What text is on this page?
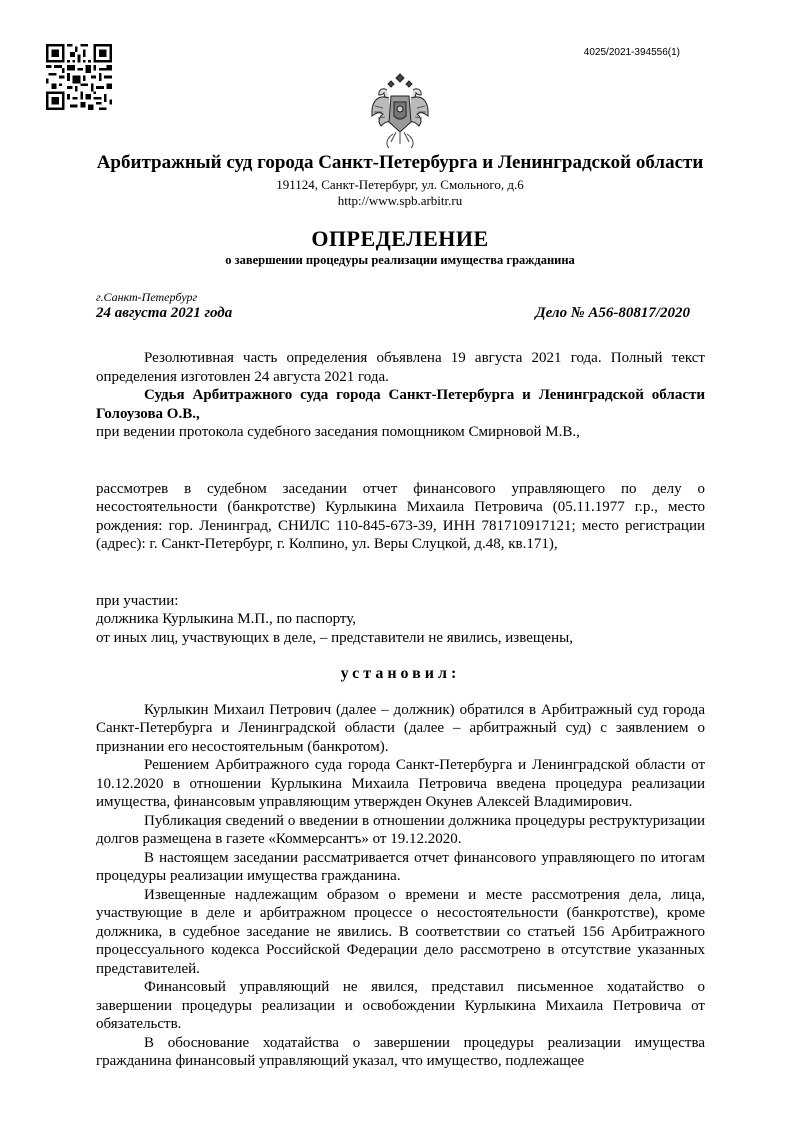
4025/2021-394556(1)
Арбитражный суд города Санкт-Петербурга и Ленинградской области
191124, Санкт-Петербург, ул. Смольного, д.6
http://www.spb.arbitr.ru
ОПРЕДЕЛЕНИЕ
о завершении процедуры реализации имущества гражданина
г.Санкт-Петербург
24 августа 2021 года	Дело № А56-80817/2020

Резолютивная часть определения объявлена 19 августа 2021 года. Полный текст определения изготовлен 24 августа 2021 года.

Судья Арбитражного суда города Санкт-Петербурга и Ленинградской области Голоузова О.В.,

при ведении протокола судебного заседания помощником Смирновой М.В.,

рассмотрев в судебном заседании отчет финансового управляющего по делу о несостоятельности (банкротстве) Курлыкина Михаила Петровича (05.11.1977 г.р., место рождения: гор. Ленинград, СНИЛС 110-845-673-39, ИНН 781710917121; место регистрации (адрес): г. Санкт-Петербург, г. Колпино, ул. Веры Слуцкой, д.48, кв.171),

при участии:

должника Курлыкина М.П., по паспорту,

от иных лиц, участвующих в деле, – представители не явились, извещены,

установил:

Курлыкин Михаил Петрович (далее – должник) обратился в Арбитражный суд города Санкт-Петербурга и Ленинградской области (далее – арбитражный суд) с заявлением о признании его несостоятельным (банкротом).

Решением Арбитражного суда города Санкт-Петербурга и Ленинградской области от 10.12.2020 в отношении Курлыкина Михаила Петровича введена процедура реализации имущества, финансовым управляющим утвержден Окунев Алексей Владимирович.

Публикация сведений о введении в отношении должника процедуры реструктуризации долгов размещена в газете «Коммерсантъ» от 19.12.2020.

В настоящем заседании рассматривается отчет финансового управляющего по итогам процедуры реализации имущества гражданина.

Извещенные надлежащим образом о времени и месте рассмотрения дела, лица, участвующие в деле и арбитражном процессе о несостоятельности (банкротстве), кроме должника, в судебное заседание не явились. В соответствии со статьей 156 Арбитражного процессуального кодекса Российской Федерации дело рассмотрено в отсутствие указанных представителей.

Финансовый управляющий не явился, представил письменное ходатайство о завершении процедуры реализации и освобождении Курлыкина Михаила Петровича от обязательств.

В обоснование ходатайства о завершении процедуры реализации имущества гражданина финансовый управляющий указал, что имущество, подлежащее
